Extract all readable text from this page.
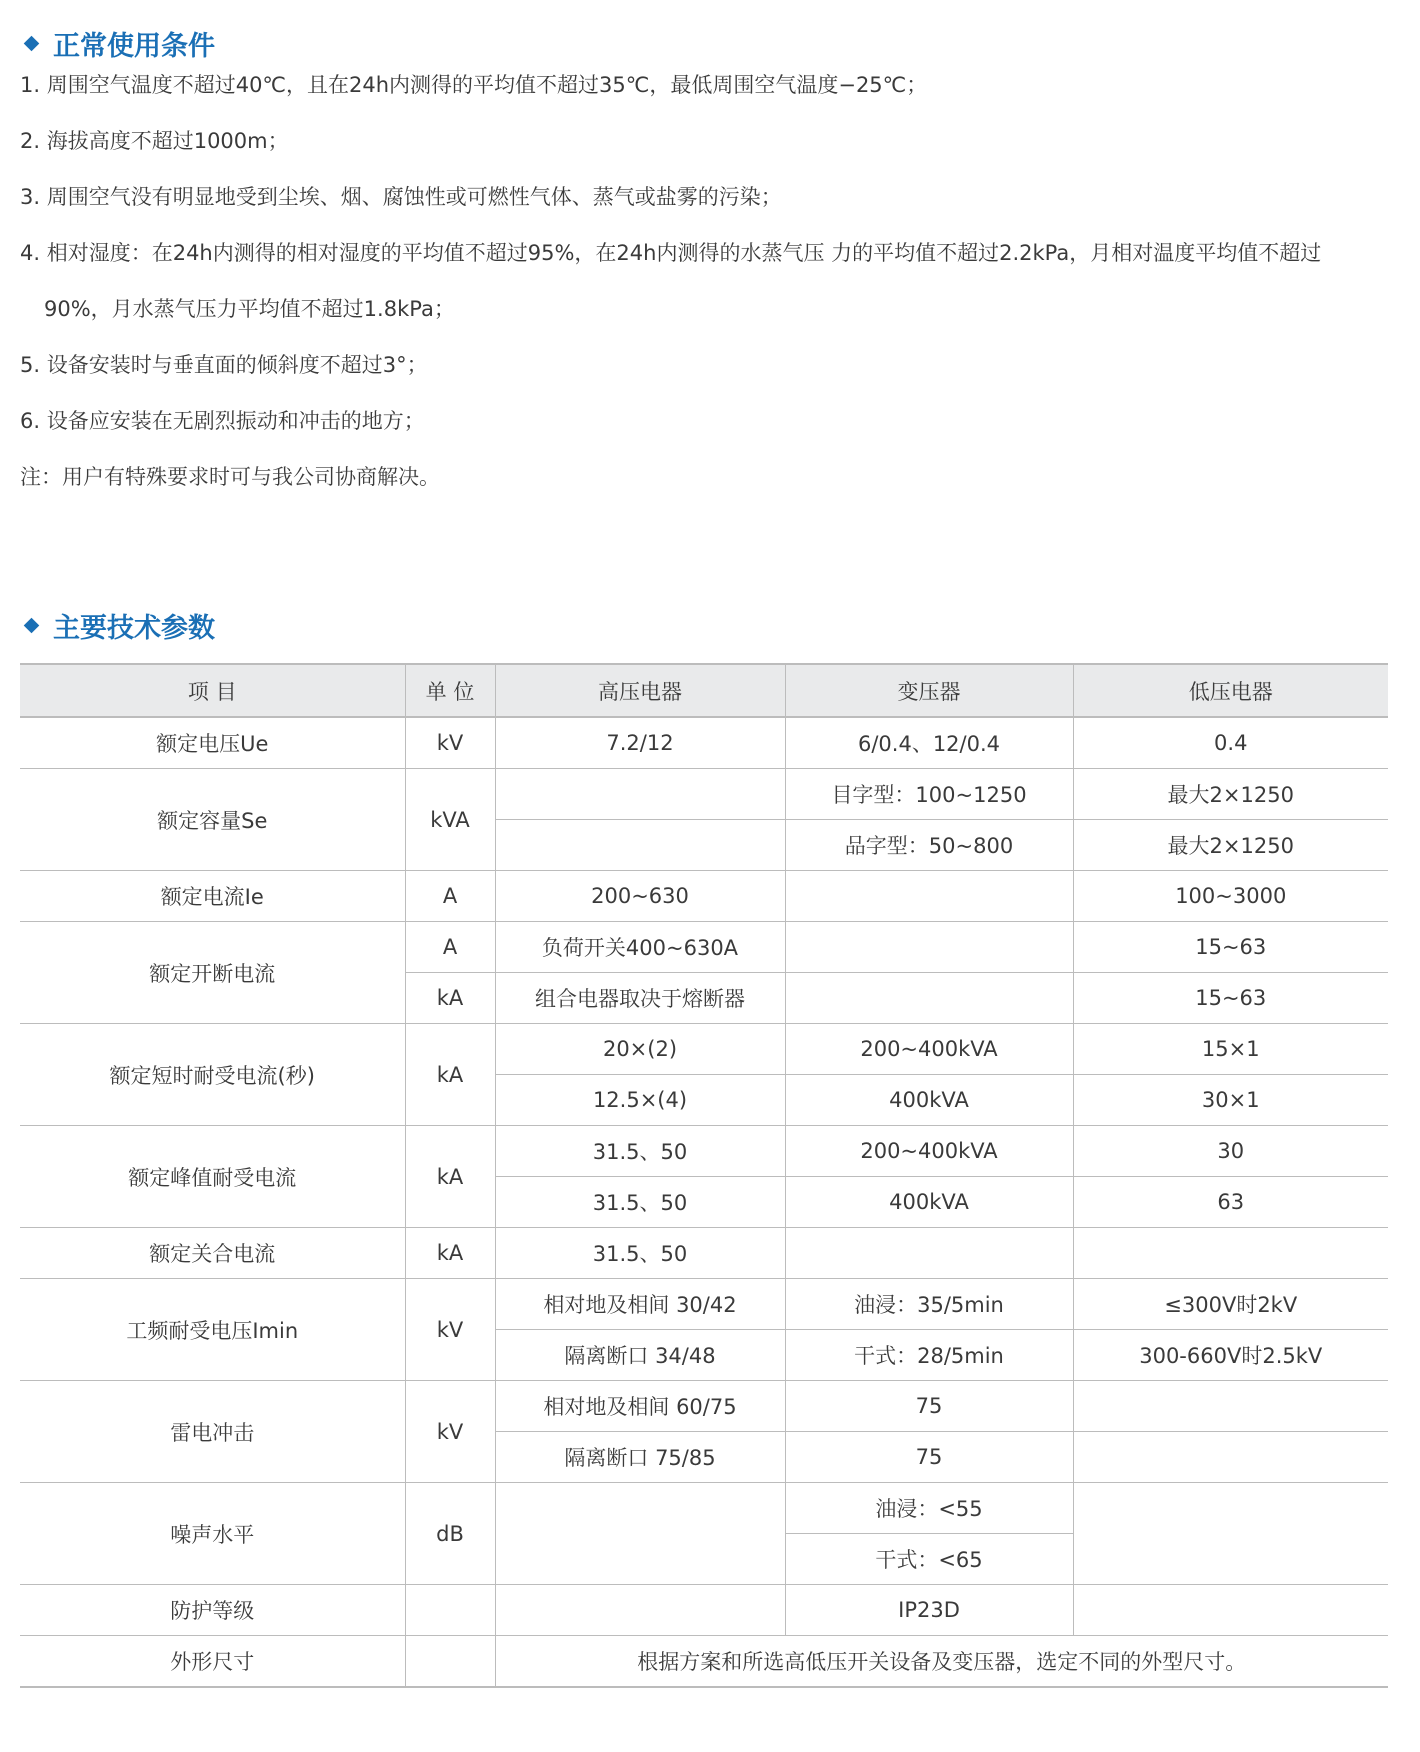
正常使用条件
1. 周围空气温度不超过40℃，且在24h内测得的平均值不超过35℃，最低周围空气温度−25℃；
2. 海拔高度不超过1000m；
3. 周围空气没有明显地受到尘埃、烟、腐蚀性或可燃性气体、蒸气或盐雾的污染；
4. 相对湿度：在24h内测得的相对湿度的平均值不超过95%，在24h内测得的水蒸气压 力的平均值不超过2.2kPa，月相对温度平均值不超过
90%，月水蒸气压力平均值不超过1.8kPa；
5. 设备安装时与垂直面的倾斜度不超过3°；
6. 设备应安装在无剧烈振动和冲击的地方；
注：用户有特殊要求时可与我公司协商解决。
主要技术参数
项 目	单 位	高压电器	变压器	低压电器
额定电压Ue	kV	7.2/12	6/0.4、12/0.4	0.4
额定容量Se	kVA		目字型：100~1250	最大2×1250
			品字型：50~800	最大2×1250
额定电流Ie	A	200~630		100~3000
额定开断电流	A	负荷开关400~630A		15~63
	kA	组合电器取决于熔断器		15~63
额定短时耐受电流(秒)	kA	20×(2)	200~400kVA	15×1
		12.5×(4)	400kVA	30×1
额定峰值耐受电流	kA	31.5、50	200~400kVA	30
		31.5、50	400kVA	63
额定关合电流	kA	31.5、50		
工频耐受电压Imin	kV	相对地及相间 30/42	油浸：35/5min	≤300V时2kV
		隔离断口 34/48	干式：28/5min	300-660V时2.5kV
雷电冲击	kV	相对地及相间 60/75	75	
		隔离断口 75/85	75	
噪声水平	dB		油浸：<55	
			干式：<65	
防护等级			IP23D	
外形尺寸		根据方案和所选高低压开关设备及变压器，选定不同的外型尺寸。		
